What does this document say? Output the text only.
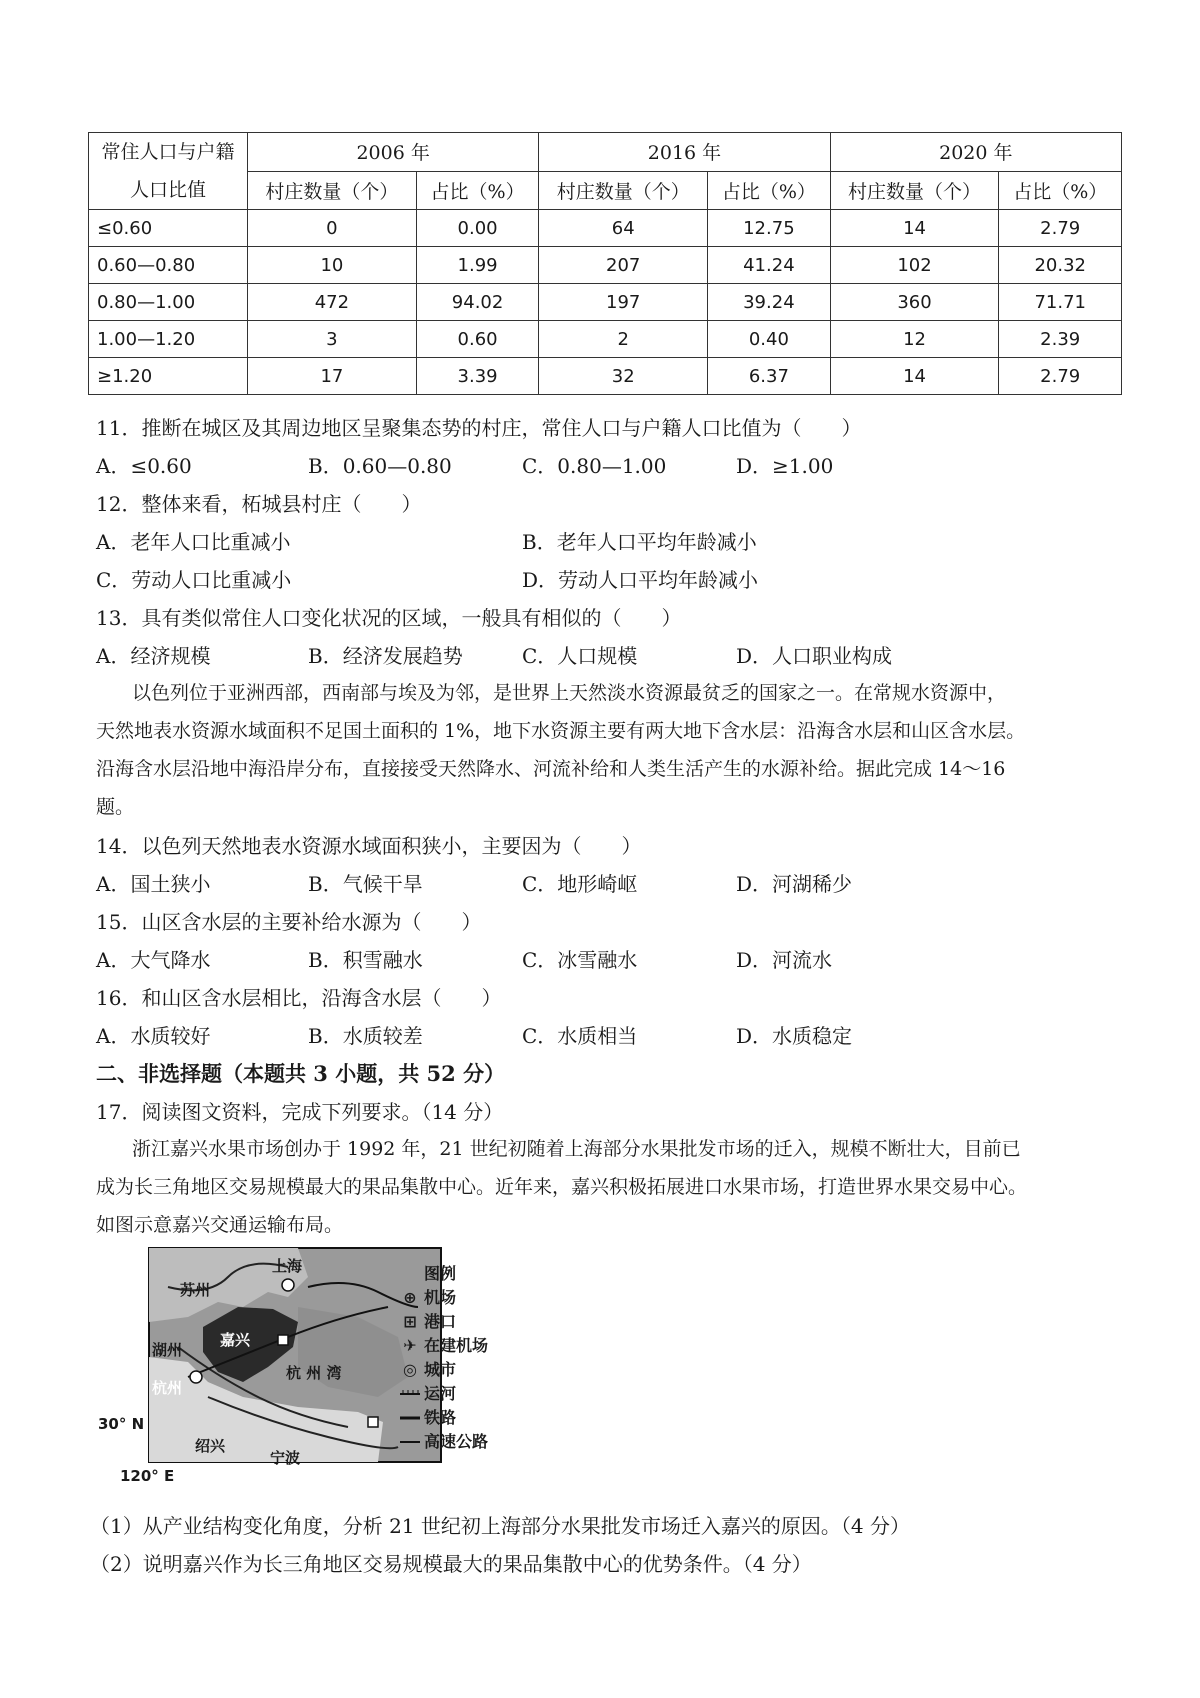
常住人口与户籍
人口比值	2006 年		2016 年		2020 年	
	村庄数量（个）	占比（%）	村庄数量（个）	占比（%）	村庄数量（个）	占比（%）
≤0.60	0	0.00	64	12.75	14	2.79
0.60—0.80	10	1.99	207	41.24	102	20.32
0.80—1.00	472	94.02	197	39.24	360	71.71
1.00—1.20	3	0.60	2	0.40	12	2.39
≥1.20	17	3.39	32	6.37	14	2.79
11．推断在城区及其周边地区呈聚集态势的村庄，常住人口与户籍人口比值为（　　）
A．≤0.60	B．0.60—0.80	C．0.80—1.00	D．≥1.00
12．整体来看，柘城县村庄（　　）
A．老年人口比重减小	B．老年人口平均年龄减小
C．劳动人口比重减小	D．劳动人口平均年龄减小
13．具有类似常住人口变化状况的区域，一般具有相似的（　　）
A．经济规模	B．经济发展趋势	C．人口规模	D．人口职业构成

以色列位于亚洲西部，西南部与埃及为邻，是世界上天然淡水资源最贫乏的国家之一。在常规水资源中，

天然地表水资源水域面积不足国土面积的 1%，地下水资源主要有两大地下含水层：沿海含水层和山区含水层。

沿海含水层沿地中海沿岸分布，直接接受天然降水、河流补给和人类生活产生的水源补给。据此完成 14～16

题。

14．以色列天然地表水资源水域面积狭小，主要因为（　　）
A．国土狭小	B．气候干旱	C．地形崎岖	D．河湖稀少
15．山区含水层的主要补给水源为（　　）
A．大气降水	B．积雪融水	C．冰雪融水	D．河流水
16．和山区含水层相比，沿海含水层（　　）
A．水质较好	B．水质较差	C．水质相当	D．水质稳定
二、非选择题（本题共 3 小题，共 52 分）
17．阅读图文资料，完成下列要求。（14 分）

浙江嘉兴水果市场创办于 1992 年，21 世纪初随着上海部分水果批发市场的迁入，规模不断壮大，目前已

成为长三角地区交易规模最大的果品集散中心。近年来，嘉兴积极拓展进口水果市场，打造世界水果交易中心。

如图示意嘉兴交通运输布局。

苏州
上海
湖州
嘉兴
杭州
杭 州 湾
绍兴
宁波
30° N
120° E
图例
⊕ 机场
⊞ 港口
✈ 在建机场
◎ 城市
运河
铁路
高速公路
（1）从产业结构变化角度，分析 21 世纪初上海部分水果批发市场迁入嘉兴的原因。（4 分）
（2）说明嘉兴作为长三角地区交易规模最大的果品集散中心的优势条件。（4 分）
